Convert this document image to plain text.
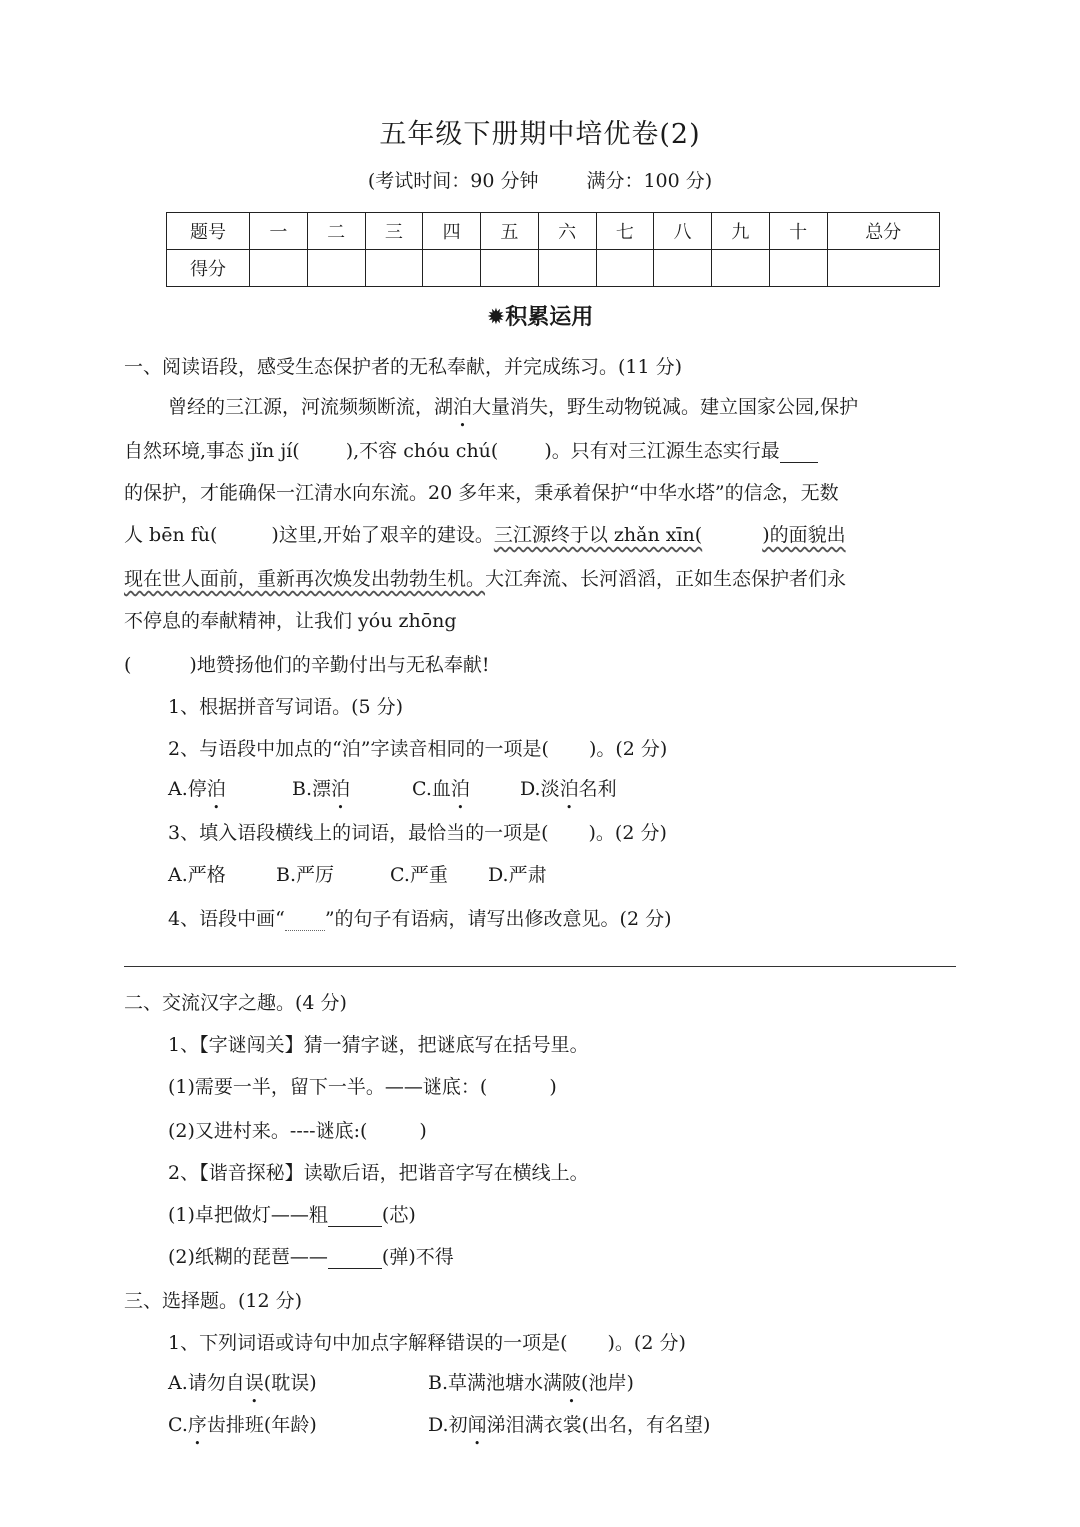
五年级下册期中培优卷(2)
(考试时间：90 分钟	满分：100 分)
题号	一	二	三	四	五	六	七	八	九	十	总分
得分											
✹积累运用
一、阅读语段，感受生态保护者的无私奉献，并完成练习。(11 分)
曾经的三江源，河流频频断流，湖泊大量消失，野生动物锐减。建立国家公园,保护
自然环境,事态 jǐn jí( ),不容 chóu chú( )。只有对三江源生态实行最
的保护，才能确保一江清水向东流。20 多年来，秉承着保护“中华水塔”的信念，无数
人 bēn fù(	)这里,开始了艰辛的建设。三江源终于以 zhǎn xīn(	)的面貌出
现在世人面前，重新再次焕发出勃勃生机。大江奔流、长河滔滔，正如生态保护者们永
不停息的奉献精神，让我们 yóu zhōng
(	)地赞扬他们的辛勤付出与无私奉献!
1、根据拼音写词语。(5 分)
2、与语段中加点的“泊”字读音相同的一项是( )。(2 分)
A.停泊	B.漂泊	C.血泊	D.淡泊名利
3、填入语段横线上的词语，最恰当的一项是( )。(2 分)
A.严格	B.严厉	C.严重 D.严肃
4、语段中画“ ”的句子有语病，请写出修改意见。(2 分)
二、交流汉字之趣。(4 分)
1、【字谜闯关】猜一猜字谜，把谜底写在括号里。
(1)需要一半，留下一半。——谜底：(	)
(2)又进村来。----谜底:(	)
2、【谐音探秘】读歇后语，把谐音字写在横线上。
(1)卓把做灯——粗	(芯)
(2)纸糊的琵琶——	(弹)不得
三、选择题。(12 分)
1、下列词语或诗句中加点字解释错误的一项是( )。(2 分)
A.请勿自误(耽误)	B.草满池塘水满陂(池岸)
C.序齿排班(年龄)	D.初闻涕泪满衣裳(出名，有名望)
